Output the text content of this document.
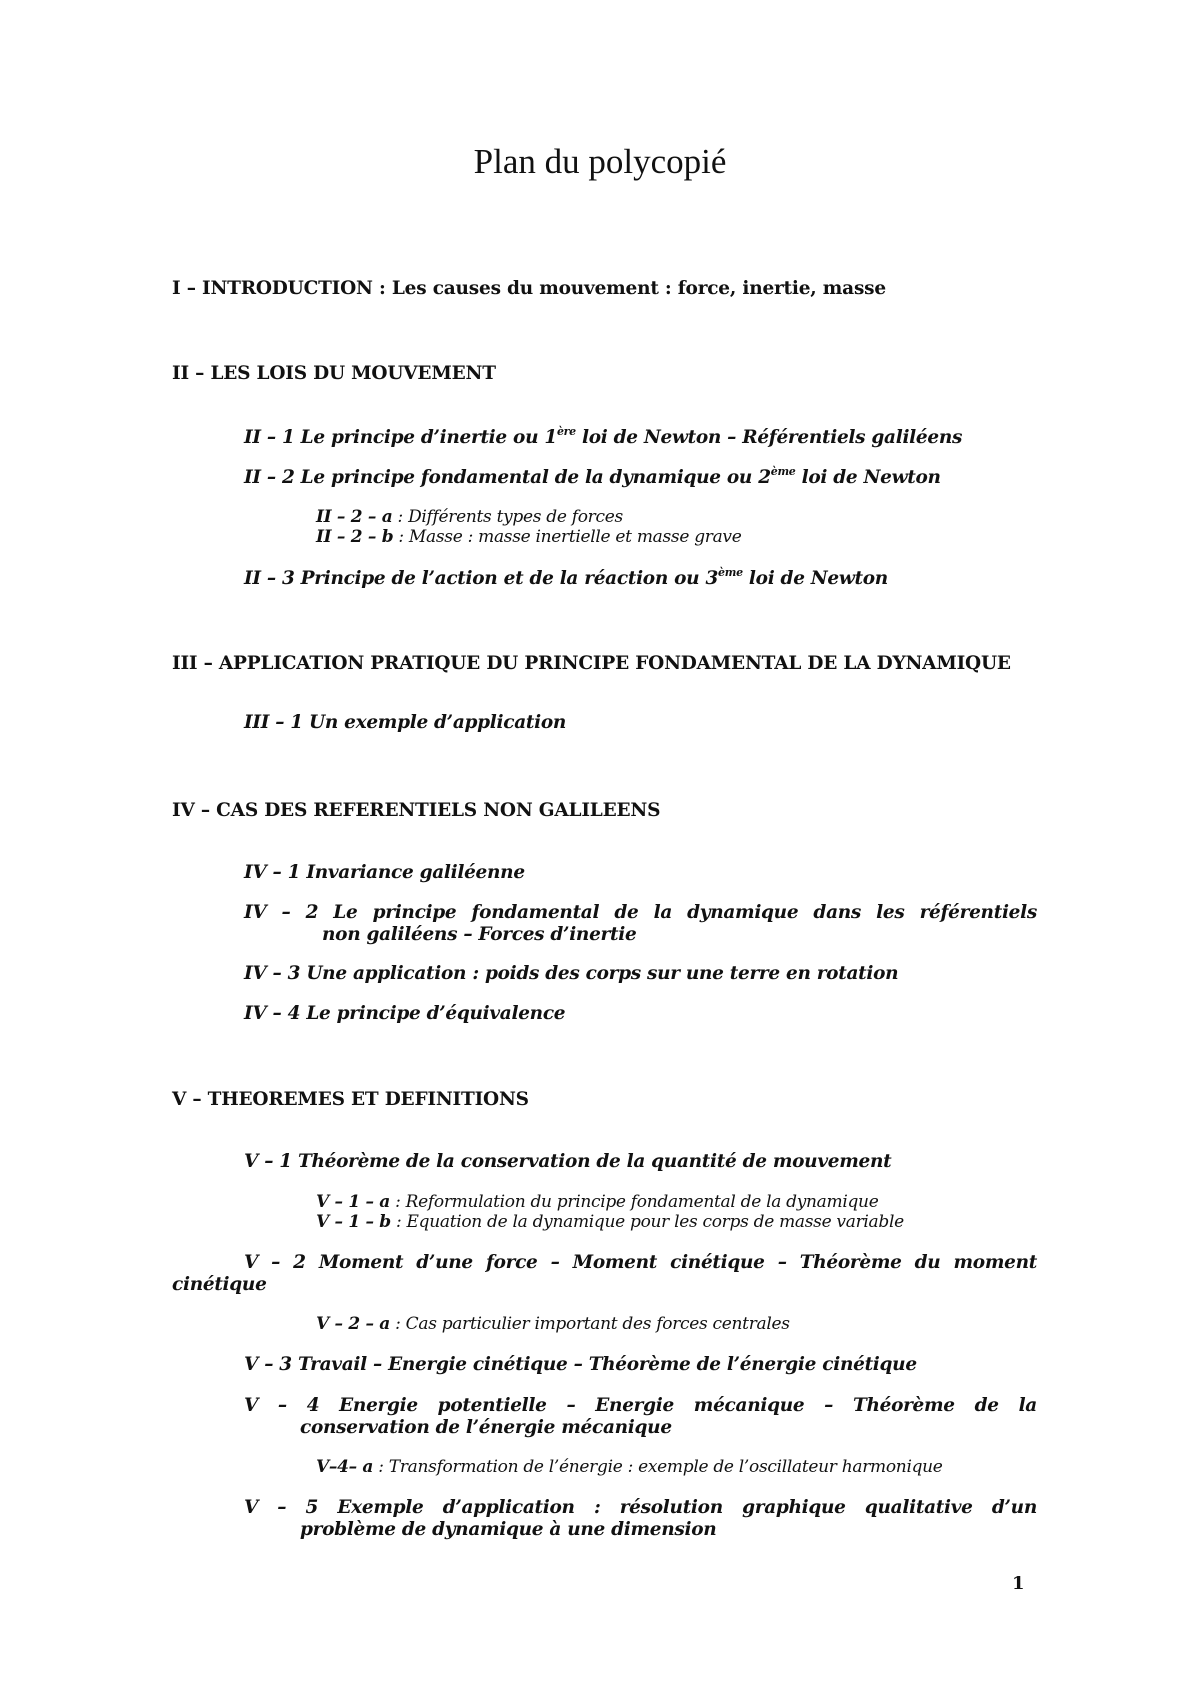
Plan du polycopié
I – INTRODUCTION : Les causes du mouvement : force, inertie, masse
II – LES LOIS DU MOUVEMENT
II – 1 Le principe d’inertie ou 1ère loi de Newton – Référentiels galiléens
II – 2 Le principe fondamental de la dynamique ou 2ème loi de Newton
II – 2 – a : Différents types de forces
II – 2 – b : Masse : masse inertielle et masse grave
II – 3 Principe de l’action et de la réaction ou 3ème loi de Newton
III – APPLICATION PRATIQUE DU PRINCIPE FONDAMENTAL DE LA DYNAMIQUE
III – 1 Un exemple d’application
IV – CAS DES REFERENTIELS NON GALILEENS
IV – 1 Invariance galiléenne
IV – 2 Le principe fondamental de la dynamique dans les référentiels
non galiléens – Forces d’inertie
IV – 3 Une application : poids des corps sur une terre en rotation
IV – 4 Le principe d’équivalence
V – THEOREMES ET DEFINITIONS
V – 1 Théorème de la conservation de la quantité de mouvement
V – 1 – a : Reformulation du principe fondamental de la dynamique
V – 1 – b : Equation de la dynamique pour les corps de masse variable
V – 2 Moment d’une force – Moment cinétique – Théorème du moment
cinétique
V – 2 – a : Cas particulier important des forces centrales
V – 3 Travail – Energie cinétique – Théorème de l’énergie cinétique
V – 4 Energie potentielle – Energie mécanique – Théorème de la
conservation de l’énergie mécanique
V–4– a : Transformation de l’énergie : exemple de l’oscillateur harmonique
V – 5 Exemple d’application : résolution graphique qualitative d’un
problème de dynamique à une dimension
1
